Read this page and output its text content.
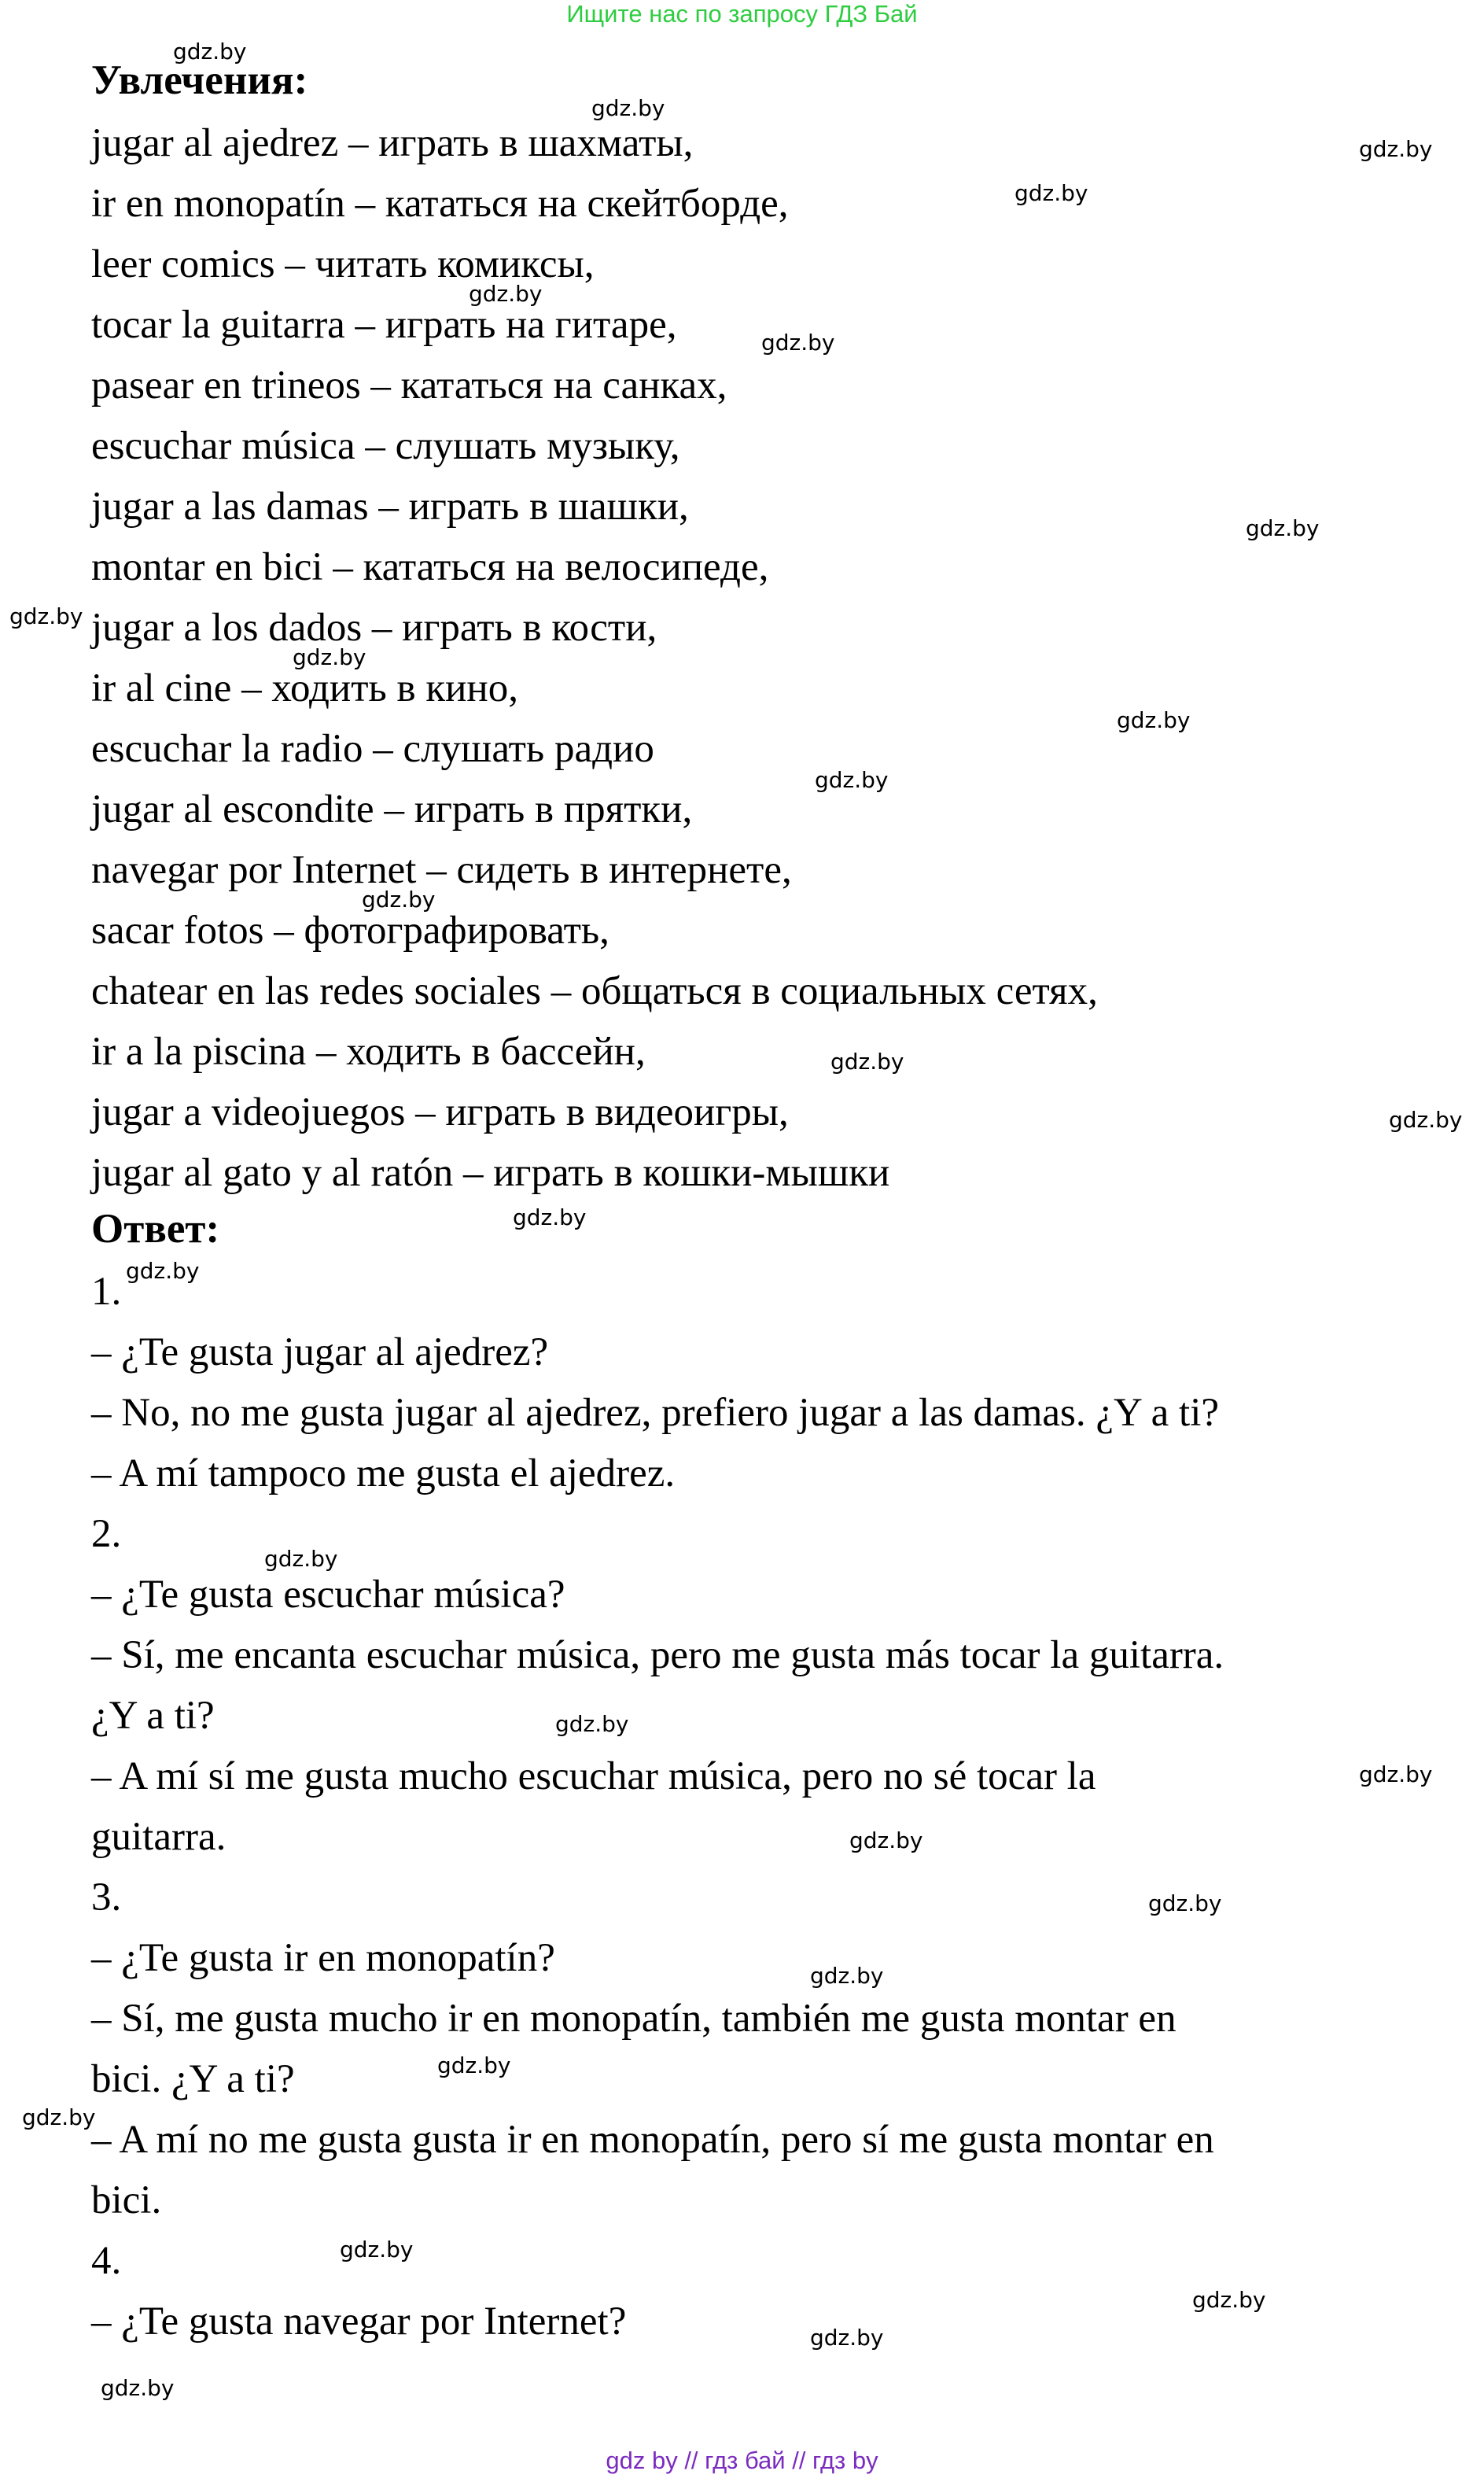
Ищите нас по запросу ГДЗ Бай
Увлечения:
jugar al ajedrez – играть в шахматы,
ir en monopatín – кататься на скейтборде,
leer comics – читать комиксы,
tocar la guitarra – играть на гитаре,
pasear en trineos – кататься на санках,
escuchar música – слушать музыку,
jugar a las damas – играть в шашки,
montar en bici – кататься на велосипеде,
jugar a los dados – играть в кости,
ir al cine – ходить в кино,
escuchar la radio – слушать радио
jugar al escondite – играть в прятки,
navegar por Internet – сидеть в интернете,
sacar fotos – фотографировать,
chatear en las redes sociales – общаться в социальных сетях,
ir a la piscina – ходить в бассейн,
jugar a videojuegos – играть в видеоигры,
jugar al gato y al ratón – играть в кошки-мышки
Ответ:
1.
– ¿Te gusta jugar al ajedrez?
– No, no me gusta jugar al ajedrez, prefiero jugar a las damas. ¿Y a ti?
– A mí tampoco me gusta el ajedrez.
2.
– ¿Te gusta escuchar música?
– Sí, me encanta escuchar música, pero me gusta más tocar la guitarra.
¿Y a ti?
– A mí sí me gusta mucho escuchar música, pero no sé tocar la
guitarra.
3.
– ¿Te gusta ir en monopatín?
– Sí, me gusta mucho ir en monopatín, también me gusta montar en
bici. ¿Y a ti?
– A mí no me gusta gusta ir en monopatín, pero sí me gusta montar en
bici.
4.
– ¿Te gusta navegar por Internet?
gdz.by
gdz.by
gdz.by
gdz.by
gdz.by
gdz.by
gdz.by
gdz.by
gdz.by
gdz.by
gdz.by
gdz.by
gdz.by
gdz.by
gdz.by
gdz.by
gdz.by
gdz.by
gdz.by
gdz.by
gdz.by
gdz.by
gdz.by
gdz.by
gdz.by
gdz.by
gdz.by
gdz.by
gdz by // гдз бай // гдз by
